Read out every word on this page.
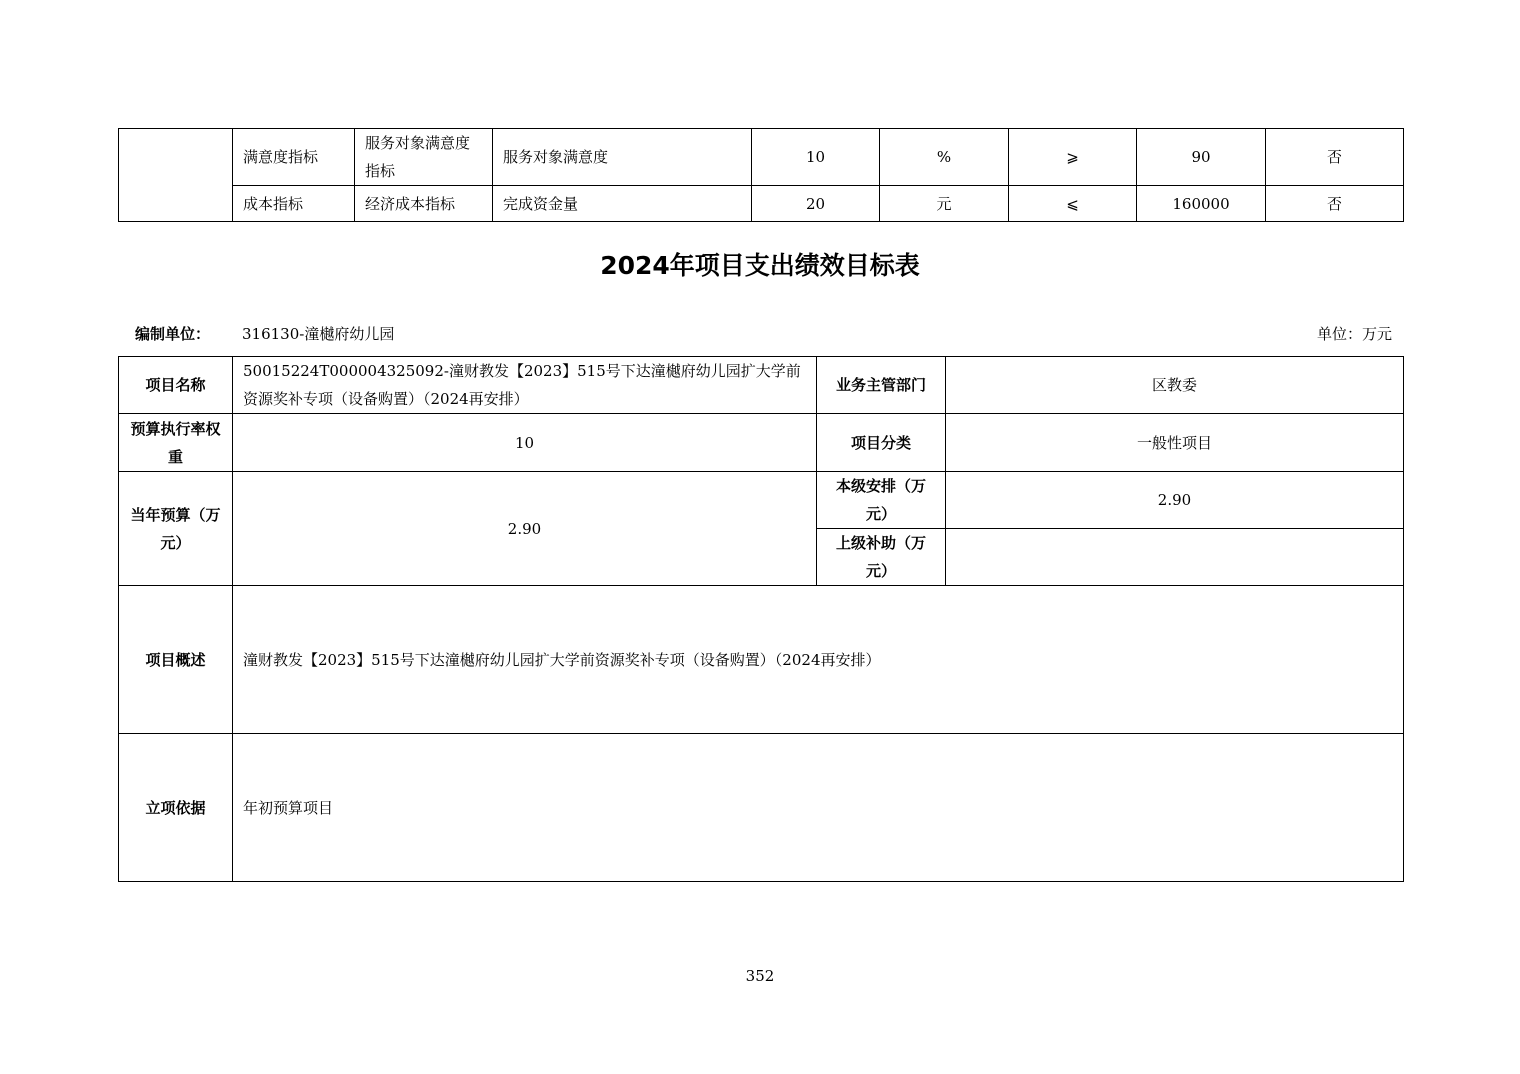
	满意度指标	服务对象满意度指标	服务对象满意度	10	%	⩾	90	否
	成本指标	经济成本指标	完成资金量	20	元	⩽	160000	否
2024年项目支出绩效目标表
编制单位： 316130-潼樾府幼儿园	单位：万元
项目名称	50015224T000004325092-潼财教发【2023】515号下达潼樾府幼儿园扩大学前资源奖补专项（设备购置）（2024再安排）	业务主管部门	区教委
预算执行率权重	10	项目分类	一般性项目
当年预算（万元）	2.90	本级安排（万元）	2.90
		上级补助（万元）	
项目概述	潼财教发【2023】515号下达潼樾府幼儿园扩大学前资源奖补专项（设备购置）（2024再安排）		
立项依据	年初预算项目		
352
